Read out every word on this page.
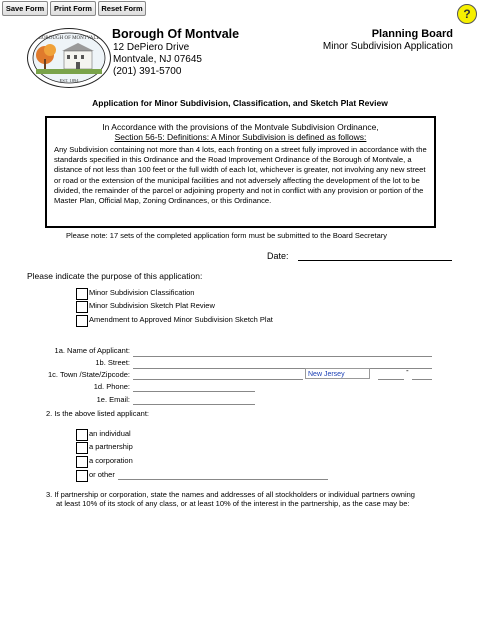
Save Form	Print Form	Reset Form	?
BOROUGH OF MONTVALE
EST. 1894
Borough Of Montvale
12 DePiero Drive
Montvale, NJ 07645
(201) 391-5700
Planning Board
Minor Subdivision Application
Application for Minor Subdivision, Classification, and Sketch Plat Review
In Accordance with the provisions of the Montvale Subdivision Ordinance,
Section 56-5: Definitions: A Minor Subdivision is defined as follows:
Any Subdivision containing not more than 4 lots, each fronting on a street fully improved in accordance with the standards specified in this Ordinance and the Road Improvement Ordinance of the Borough of Montvale, a distance of not less than 100 feet or the full width of each lot, whichever is greater, not involving any new street or road or the extension of the municipal facilities and not adversely affecting the development of the lot to be divided, the remainder of the parcel or adjoining property and not in conflict with any provision or portion of the Master Plan, Official Map, Zoning Ordinances, or this Ordinance.
Please note: 17 sets of the completed application form must be submitted to the Board Secretary
Date:
Please indicate the purpose of this application:
Minor Subdivision Classification
Minor Subdivision Sketch Plat Review
Amendment to Approved Minor Subdivision Sketch Plat
1a. Name of Applicant:
1b. Street:
1c. Town /State/Zipcode:	New Jersey	-
1d. Phone:
1e. Email:
2. Is the above listed applicant:
an individual
a partnership
a corporation
or other
3. If partnership or corporation, state the names and addresses of all stockholders or individual partners owning
at least 10% of its stock of any class, or at least 10% of the interest in the partnership, as the case may be:
